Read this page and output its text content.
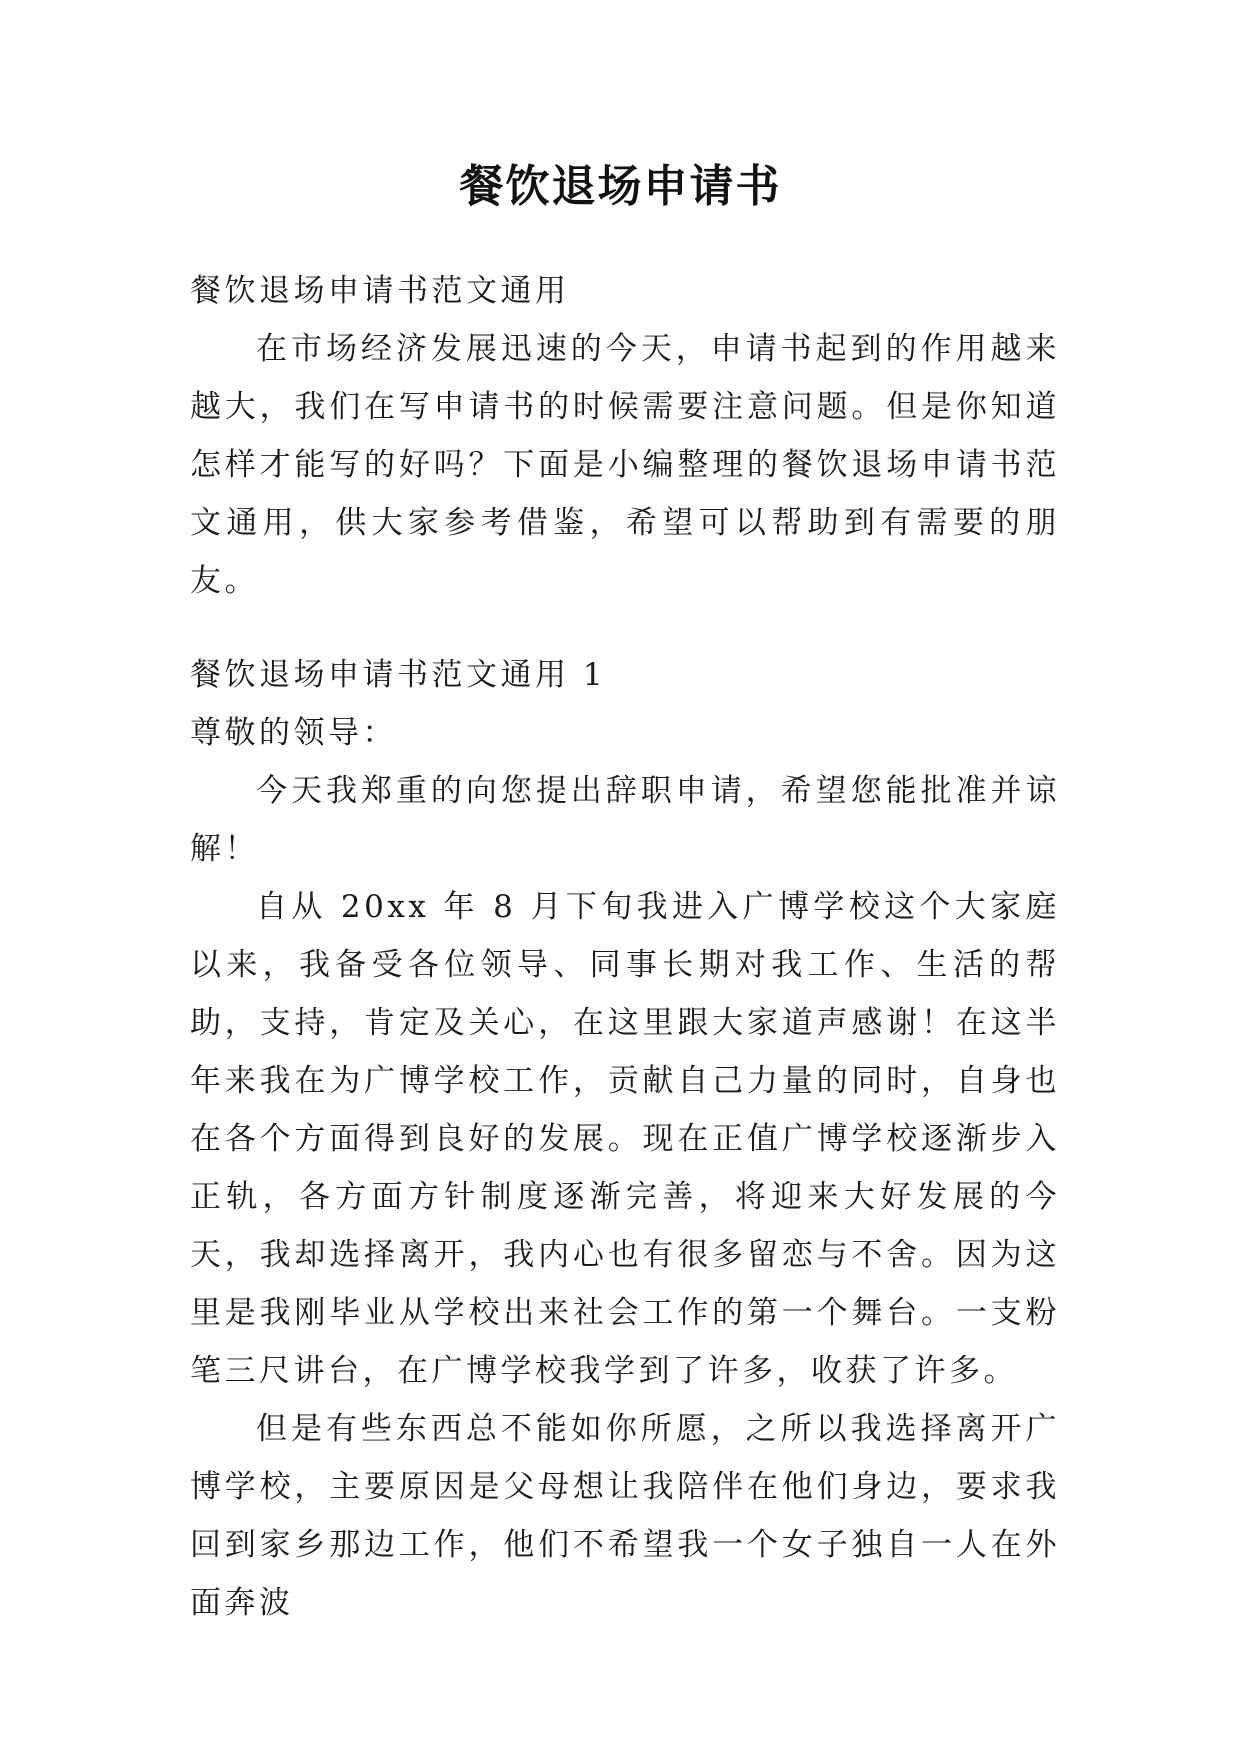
餐饮退场申请书

餐饮退场申请书范文通用

在市场经济发展迅速的今天，申请书起到的作用越来越大，我们在写申请书的时候需要注意问题。但是你知道怎样才能写的好吗？下面是小编整理的餐饮退场申请书范文通用，供大家参考借鉴，希望可以帮助到有需要的朋友。

餐饮退场申请书范文通用 1

尊敬的领导：

今天我郑重的向您提出辞职申请，希望您能批准并谅解！

自从 20xx 年 8 月下旬我进入广博学校这个大家庭以来，我备受各位领导、同事长期对我工作、生活的帮助，支持，肯定及关心，在这里跟大家道声感谢！在这半年来我在为广博学校工作，贡献自己力量的同时，自身也在各个方面得到良好的发展。现在正值广博学校逐渐步入正轨，各方面方针制度逐渐完善，将迎来大好发展的今天，我却选择离开，我内心也有很多留恋与不舍。因为这里是我刚毕业从学校出来社会工作的第一个舞台。一支粉笔三尺讲台，在广博学校我学到了许多，收获了许多。

但是有些东西总不能如你所愿，之所以我选择离开广博学校，主要原因是父母想让我陪伴在他们身边，要求我回到家乡那边工作，他们不希望我一个女子独自一人在外面奔波
